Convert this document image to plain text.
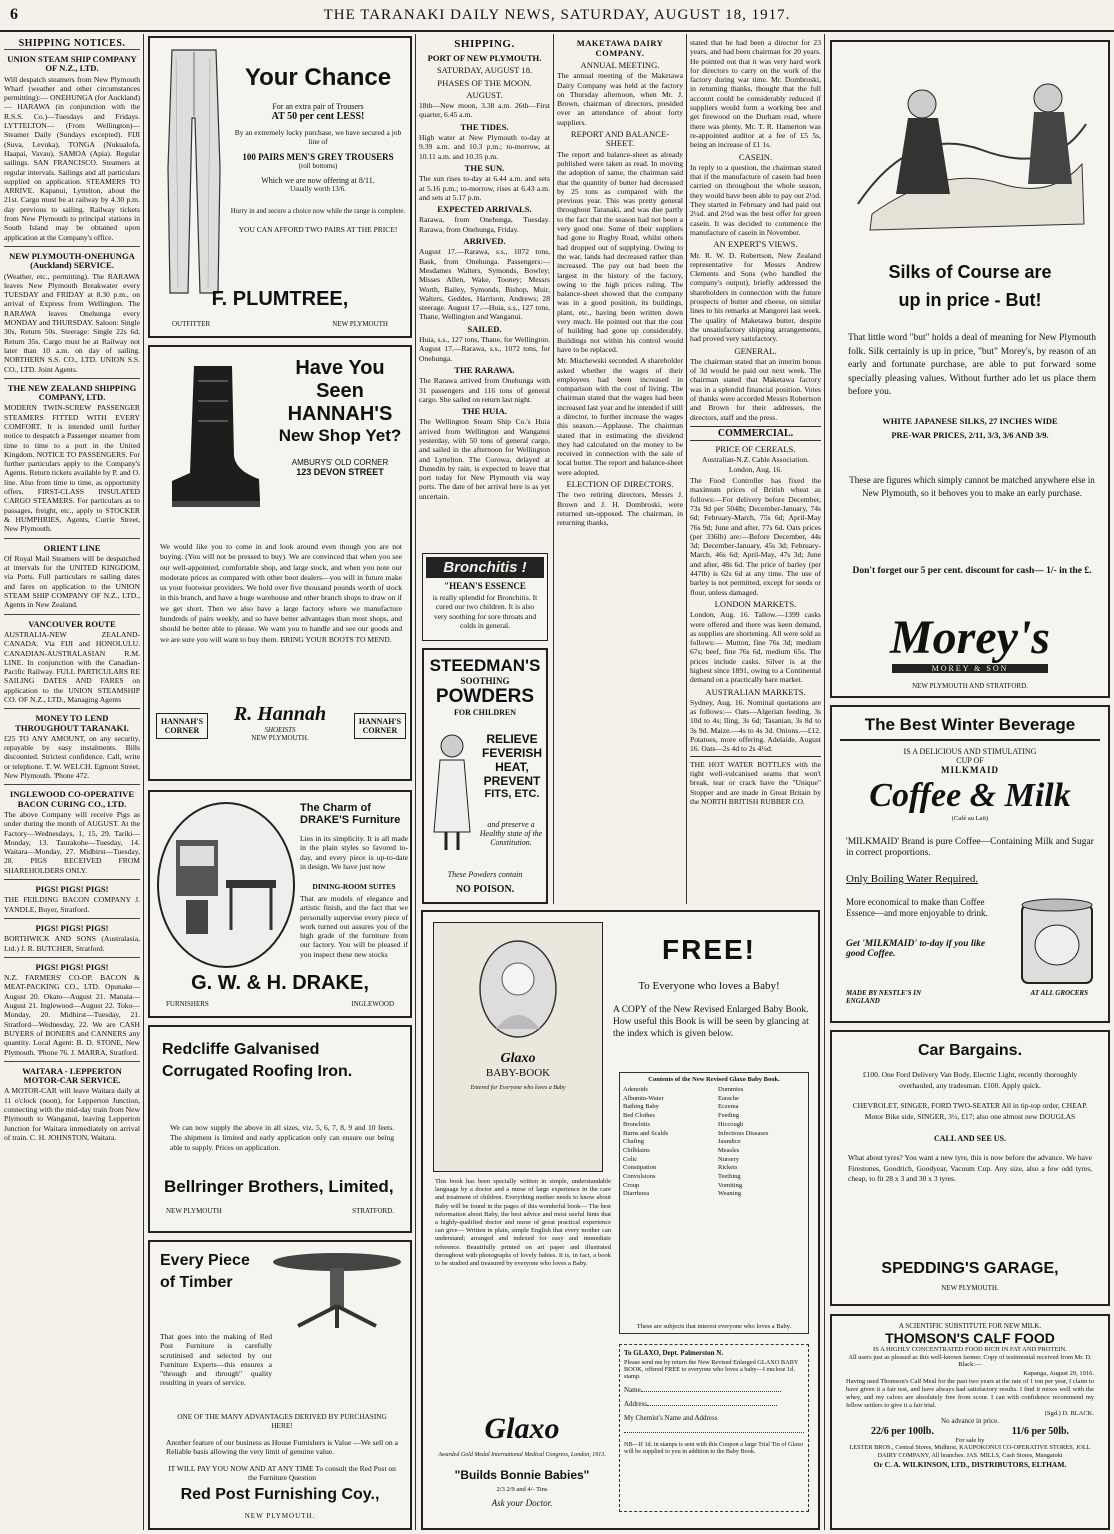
6	THE TARANAKI DAILY NEWS, SATURDAY, AUGUST 18, 1917.
SHIPPING NOTICES.
UNION STEAM SHIP COMPANY OF N.Z., LTD.

Will despatch steamers from New Plymouth Wharf (weather and other circumstances permitting):— ONEHUNGA (for Auckland)— HARAWA (in conjunction with the R.S.S. Co.)—Tuesdays and Fridays. LYTTELTON— (From Wellington)— Steamer Daily (Sundays excepted). FIJI (Suva, Levuka), TONGA (Nukualofa, Haapai, Vavau), SAMOA (Apia). Regular sailings. SAN FRANCISCO. Steamers at regular intervals. Sailings and all particulars supplied on application. STEAMERS TO ARRIVE. Kapanui, Lyttelton, about the 21st. Cargo must be at railway by 4.30 p.m. day previous to sailing. Railway tickets from New Plymouth to principal stations in South Island may be obtained upon application at the Company's office.

NEW PLYMOUTH-ONEHUNGA (Auckland) SERVICE.

(Weather, etc., permitting). The RARAWA leaves New Plymouth Breakwater every TUESDAY and FRIDAY at 8.30 p.m., on arrival of Express from Wellington. The RARAWA leaves Onehunga every MONDAY and THURSDAY. Saloon: Single 30s, Return 50s. Steerage: Single 22s 6d, Return 35s. Cargo must be at Railway not later than 10 a.m. on day of sailing. NORTHERN S.S. CO., LTD. UNION S.S. CO., LTD. Joint Agents.

THE NEW ZEALAND SHIPPING COMPANY, LTD.

MODERN TWIN-SCREW PASSENGER STEAMERS FITTED WITH EVERY COMFORT. It is intended until further notice to despatch a Passenger steamer from time to time to a port in the United Kingdom. NOTICE TO PASSENGERS. For further particulars apply to the Company's Agents. Return tickets available by P. and O. line. Also from time to time, as opportunity offers, FIRST-CLASS INSULATED CARGO STEAMERS. For particulars as to passages, freight, etc., apply to STOCKER & HUMPHRIES, Agents, Currie Street, New Plymouth.

ORIENT LINE

Of Royal Mail Steamers will be despatched at intervals for the UNITED KINGDOM, via Ports. Full particulars re sailing dates and fares on application to the UNION STEAM SHIP COMPANY OF N.Z., LTD., Agents in New Zealand.

VANCOUVER ROUTE

AUSTRALIA-NEW ZEALAND-CANADA. Via FIJI and HONOLULU. CANADIAN-AUSTRALASIAN R.M. LINE. In conjunction with the Canadian-Pacific Railway. FULL PARTICULARS RE SAILING DATES AND FARES on application to the UNION STEAMSHIP CO. OF N.Z., LTD., Managing Agents

MONEY TO LEND THROUGHOUT TARANAKI.

£25 TO ANY AMOUNT, on any security, repayable by easy instalments. Bills discounted. Strictest confidence. Call, write or telephone. T. W. WELCH. Egmont Street, New Plymouth. 'Phone 472.

INGLEWOOD CO-OPERATIVE BACON CURING CO., LTD.

The above Company will receive Pigs as under during the month of AUGUST. At the Factory—Wednesdays, 1, 15, 29. Tariki—Monday, 13. Taurakohe—Tuesday, 14. Waitara—Monday, 27. Midhirst—Tuesday, 28. PIGS RECEIVED FROM SHAREHOLDERS ONLY.

PIGS! PIGS! PIGS!

THE FEILDING BACON COMPANY J. YANDLE, Buyer, Stratford.

PIGS! PIGS! PIGS!

BORTHWICK AND SONS (Australasia, Ltd.) J. R. BUTCHER, Stratford.

PIGS! PIGS! PIGS!

N.Z. FARMERS' CO-OP. BACON & MEAT-PACKING CO., LTD. Opunake—August 20. Okato—August 21. Manaia—August 21. Inglewood—August 22. Toko—Monday, 20. Midhirst—Tuesday, 21. Stratford—Wednesday, 22. We are CASH BUYERS of BONERS and CANNERS any quantity. Local Agent: B. D. STONE, New Plymouth. 'Phone 76. J. MARRA, Stratford.

WAITARA - LEPPERTON MOTOR-CAR SERVICE.

A MOTOR-CAR will leave Waitara daily at 11 o'clock (noon), for Lepperton Junction, connecting with the mid-day train from New Plymouth to Wanganui, leaving Lepperton Junction for Waitara immediately on arrival of train. C. H. JOHNSTON, Waitara.

Your Chance
For an extra pair of Trousers
AT 50 per cent LESS!
By an extremely lucky purchase, we have secured a job line of
100 PAIRS MEN'S GREY TROUSERS
(roll bottoms)
Which we are now offering at 8/11.
Usually worth 13/6.
Hurry in and secure a choice now while the range is complete.
YOU CAN AFFORD TWO PAIRS AT THE PRICE!
F. PLUMTREE,
OUTFITTER	NEW PLYMOUTH
Have You
Seen
HANNAH'S
New Shop Yet?
AMBURYS' OLD CORNER
123 DEVON STREET
We would like you to come in and look around even though you are not buying. (You will not be pressed to buy). We are convinced that when you see our well-appointed, comfortable shop, and large stock, and when you note our moderate prices as compared with other boot dealers—you will in future make us your footwear providers. We hold over five thousand pounds worth of stock in this branch, and have a huge warehouse and other branch shops to draw on if we get short. Then we also have a large factory where we manufacture hundreds of pairs weekly, and so have better advantages than most shops, and should be better able to please. We want you to handle and see our goods and we are sure you will want to buy them. BRING YOUR BOOTS TO MEND.
HANNAH'S CORNER
R. Hannah
SHOEISTS
NEW PLYMOUTH.
HANNAH'S CORNER
The Charm of DRAKE'S Furniture
Lies in its simplicity. It is all made in the plain styles so favored to-day, and every piece is up-to-date in design. We have just now
DINING-ROOM SUITES
That are models of elegance and artistic finish, and the fact that we personally supervise every piece of work turned out assures you of the high grade of the furniture from our factory. You will be pleased if you inspect these new stocks
G. W. & H. DRAKE,
FURNISHERS	INGLEWOOD
Redcliffe Galvanised
Corrugated Roofing Iron.
We can now supply the above in all sizes, viz. 5, 6, 7, 8, 9 and 10 feets. The shipment is limited and early application only can ensure our being able to supply. Prices on application.
Bellringer Brothers, Limited,
NEW PLYMOUTH	STRATFORD.
Every Piece
of Timber
That goes into the making of Red Post Furniture is carefully scrutinised and selected by our Furniture Experts—this ensures a "through and through" quality resulting in years of service.
ONE OF THE MANY ADVANTAGES DERIVED BY PURCHASING HERE!
Another feature of our business as House Furnishers is Value —We sell on a Reliable basis allowing the very limit of genuine value.
IT WILL PAY YOU NOW AND AT ANY TIME To consult the Red Post on the Furniture Question
Red Post Furnishing Coy.,
NEW PLYMOUTH.
SHIPPING.
PORT OF NEW PLYMOUTH.
SATURDAY, AUGUST 18.
PHASES OF THE MOON.
AUGUST.

18th—New moon, 3.38 a.m. 26th—First quarter, 6.45 a.m.

THE TIDES.

High water at New Plymouth to-day at 9.39 a.m. and 10.3 p.m.; to-morrow, at 10.11 a.m. and 10.35 p.m.

THE SUN.

The sun rises to-day at 6.44 a.m. and sets at 5.16 p.m.; to-morrow, rises at 6.43 a.m. and sets at 5.17 p.m.

EXPECTED ARRIVALS.

Rarawa, from Onehunga, Tuesday. Rarawa, from Onehunga, Friday.

ARRIVED.

August 17.—Rarawa, s.s., 1072 tons, Bask, from Onehunga. Passengers:— Mesdames Walters, Symonds, Bowley; Misses Allen, Wake, Tooney; Messrs Worth, Bailey, Symonds, Bishop, Muir, Walters, Geddes, Harrison, Andrews; 28 steerage. August 17.—Huia, s.s., 127 tons, Thane, Wellington and Wanganui.

SAILED.

Huia, s.s., 127 tons, Thane, for Wellington. August 17.—Rarawa, s.s., 1072 tons, for Onehunga.

THE RARAWA.

The Rarawa arrived from Onehunga with 31 passengers and 116 tons of general cargo. She sailed on return last night.

THE HUIA.

The Wellington Steam Ship Co.'s Huia arrived from Wellington and Wanganui yesterday, with 50 tons of general cargo, and sailed in the afternoon for Wellington and Lyttelton. The Corowa, delayed at Dunedin by rain, is expected to leave that port today for New Plymouth via way ports. The date of her arrival here is as yet uncertain.

Bronchitis !
"HEAN'S ESSENCE
is really splendid for Bronchitis. It cured our two children. It is also very soothing for sore throats and colds in general.
STEEDMAN'S
SOOTHING
POWDERS
FOR CHILDREN
RELIEVE
FEVERISH
HEAT,
PREVENT
FITS, ETC.
and preserve a Healthy state of the Constitution.
These Powders contain
NO POISON.
MAKETAWA DAIRY COMPANY.
ANNUAL MEETING.

The annual meeting of the Maketawa Dairy Company was held at the factory on Thursday afternoon, when Mr. J. Brown, chairman of directors, presided over an attendance of about forty suppliers.

REPORT AND BALANCE-SHEET.

The report and balance-sheet as already published were taken as read. In moving the adoption of same, the chairman said that the quantity of butter had decreased by 25 tons as compared with the previous year. This was pretty general throughout Taranaki, and was due partly to the fact that the season had not been a very good one. Some of their suppliers had gone to Rugby Road, whilst others had dropped out of supplying. Owing to the war, lands had decreased rather than increased. The pay out had been the largest in the history of the factory, owing to the high prices ruling. The balance-sheet showed that the company was in a good position, its buildings, plant, etc., having been written down very much. He pointed out that the cost of building had gone up considerably. Buildings not within his control would have to be replaced.

Mr. Mischewski seconded. A shareholder asked whether the wages of their employees had been increased in comparison with the cost of living. The chairman stated that the wages had been increased last year and he intended if still a director, to further increase the wages this season.—Applause. The chairman stated that in estimating the dividend they had calculated on the money to be received in connection with the sale of local butter. The report and balance-sheet were adopted.

ELECTION OF DIRECTORS.

The two retiring directors, Messrs J. Brown and J. H. Dombroski, were returned un-opposed. The chairman, in returning thanks,

stated that he had been a director for 23 years, and had been chairman for 20 years. He pointed out that it was very hard work for directors to carry on the work of the factory during war time. Mr. Dombroski, in returning thanks, thought that the full account could be considerably reduced if suppliers would form a working bee and get firewood on the Durham road, where there was plenty. Mr. T. R. Hamerton was re-appointed auditor at a fee of £5 5s, being an increase of £1 1s.

CASEIN.

In reply to a question, the chairman stated that if the manufacture of casein had been carried on throughout the whole season, they would have been able to pay out 2½d. They started in February and had paid out 2¼d. and 2½d was the best offer for green casein. It was decided to commence the manufacture of casein in November.

AN EXPERT'S VIEWS.

Mr. R. W. D. Robertson, New Zealand representative for Messrs Andrew Clements and Sons (who handled the company's output), briefly addressed the shareholders in connection with the future prospects of butter and cheese, on similar lines to his remarks at Mangorei last week. The quality of Maketawa butter, despite the unsatisfactory shipping arrangements, had proved very satisfactory.

GENERAL.

The chairman stated that an interim bonus of 3d would be paid out next week. The chairman stated that Maketawa factory was in a splendid financial position. Votes of thanks were accorded Messrs Robertson and Brown for their addresses, the directors, staff and the press.

COMMERCIAL.
PRICE OF CEREALS.

Australian-N.Z. Cable Association. London, Aug. 16.

The Food Controller has fixed the maximum prices of British wheat as follows:—For delivery before December, 73s 9d per 504lb; December-January, 74s 6d; February-March, 75s 6d; April-May 76s 9d; June and after, 77s 6d. Oats prices (per 336lb) are:—Before December, 44s 3d; December-January, 45s 3d; February-March, 46s 6d; April-May, 47s 3d; June and after, 48s 6d. The price of barley (per 447lb) is 62s 6d at any time. The use of barley is not permitted, except for seeds or flour, unless damaged.

LONDON MARKETS.

London, Aug. 16. Tallow.—1399 casks were offered and there was keen demand, as supplies are shortening. All were sold as follows:— Mutton, fine 76s 3d; medium 67s; beef, fine 76s 6d, medium 65s. The prices include casks. Silver is at the highest since 1891, owing to a Continental demand on a practically bare market.

AUSTRALIAN MARKETS.

Sydney, Aug. 16. Nominal quotations are as follows:— Oats—Algerian feeding, 3s 10d to 4s; lling, 3s 6d; Tasanian, 3s 8d to 3s 9d. Maize.—4s to 4s 3d. Onions.—£12. Potatoes, more offering. Adelaide, August 16. Oats—2s 4d to 2s 4½d.

THE HOT WATER BOTTLES with the tight well-vulcanised seams that won't break, tear or crack have the "Unique" Stopper and are made in Great Britain by the NORTH BRITISH RUBBER CO.

Glaxo
BABY-BOOK
Entered for Everyone who loves a Baby
FREE!
To Everyone who loves a Baby!
A COPY of the New Revised Enlarged Baby Book. How useful this Book is will be seen by glancing at the index which is given below.
This book has been specially written in simple, understandable language by a doctor and a nurse of large experience in the care and treatment of children. Everything mother needs to know about Baby will be found in the pages of this wonderful book— The best information about Baby, the best advice and most useful hints that a highly-qualified doctor and nurse of great practical experience can give— Written in plain, simple English that every mother can understand; arranged and indexed for easy and immediate reference. Beautifully printed on art paper and illustrated throughout with photographs of lovely babies. It is, in fact, a book to be studied and treasured by everyone who loves a Baby.
Contents of the New Revised Glaxo Baby Book.
Adenoids
Albumin-Water
Bathing Baby
Bed Clothes
Bronchitis
Burns and Scalds
Chafing
Chilblains
Colic
Constipation
Convulsions
Croup
Diarrhoea
Dummies
Earache
Eczema
Feeding
Hiccough
Infectious Diseases
Jaundice
Measles
Nursery
Rickets
Teething
Vomiting
Weaning
These are subjects that interest everyone who loves a Baby.
To GLAXO, Dept. Palmerston N.
Please send me by return the New Revised Enlarged GLAXO BABY BOOK, offered FREE to everyone who loves a baby—I enclose 1d. stamp.
Name
Address
My Chemist's Name and Address
NB—If 1d. in stamps is sent with this Coupon a large Trial Tin of Glaxo will be supplied to you in addition to the Baby Book.
Glaxo
Awarded Gold Medal International Medical Congress, London, 1913.
"Builds Bonnie Babies"
2/3 2/9 and 4/- Tins
Ask your Doctor.
Silks of Course are
up in price - But!
That little word "but" holds a deal of meaning for New Plymouth folk. Silk certainly is up in price, "but" Morey's, by reason of an early and fortunate purchase, are able to put forward some specially pleasing values. Without further ado let us place them before you.
WHITE JAPANESE SILKS, 27 INCHES WIDE
PRE-WAR PRICES, 2/11, 3/3, 3/6 AND 3/9.
These are figures which simply cannot be matched anywhere else in New Plymouth, so it behoves you to make an early purchase.
Don't forget our 5 per cent. discount for cash— 1/- in the £.
Morey's
MOREY & SON
NEW PLYMOUTH AND STRATFORD.
The Best Winter Beverage
IS A DELICIOUS AND STIMULATING
CUP OF
MILKMAID
Coffee & Milk
(Café au Lait)
'MILKMAID' Brand is pure Coffee—Containing Milk and Sugar in correct proportions.
Only Boiling Water Required.
More economical to make than Coffee Essence—and more enjoyable to drink.
Get 'MILKMAID' to-day if you like good Coffee.
MADE BY NESTLE'S IN ENGLAND
AT ALL GROCERS
Car Bargains.
£100. One Ford Delivery Van Body, Electric Light, recently thoroughly overhauled, any tradesman. £100. Apply quick.
CHEVROLET, SINGER, FORD TWO-SEATER All in tip-top order, CHEAP. Motor Bike side, SINGER, 3½, £17; also one almost new DOUGLAS
CALL AND SEE US.
What about tyres? You want a new tyre, this is now before the advance. We have Firestones, Goodrich, Goodyear, Vacuum Cup. Any size, also a few odd tyres, cheap, to fit 28 x 3 and 30 x 3 tyres.
SPEDDING'S GARAGE,
NEW PLYMOUTH.
A SCIENTIFIC SUBSTITUTE FOR NEW MILK.
THOMSON'S CALF FOOD
IS A HIGHLY CONCENTRATED FOOD RICH IN FAT AND PROTEIN.
All users just as pleased as this well-known farmer. Copy of testimonial received from Mr. D. Black:—
Kapanga, August 29, 1916.
Having used Thomson's Calf Meal for the past two years at the rate of 1 ton per year, I claim to have given it a fair test, and have always had satisfactory results. I find it mixes well with the whey, and my calves are absolutely free from scour. I can with confidence recommend my fellow settlers to give it a fair trial.
(Sgd.) D. BLACK.
No advance in price.
22/6 per 100lb.	11/6 per 50lb.
For sale by
LESTER BROS., Central Stores, Midhirst, KAUPOKONUI CO-OPERATIVE STORES, JOLL DAIRY COMPANY, All branches. JAS. MILLS, Cash Stores, Mangatoki
Or C. A. WILKINSON, LTD., DISTRIBUTORS, ELTHAM.
